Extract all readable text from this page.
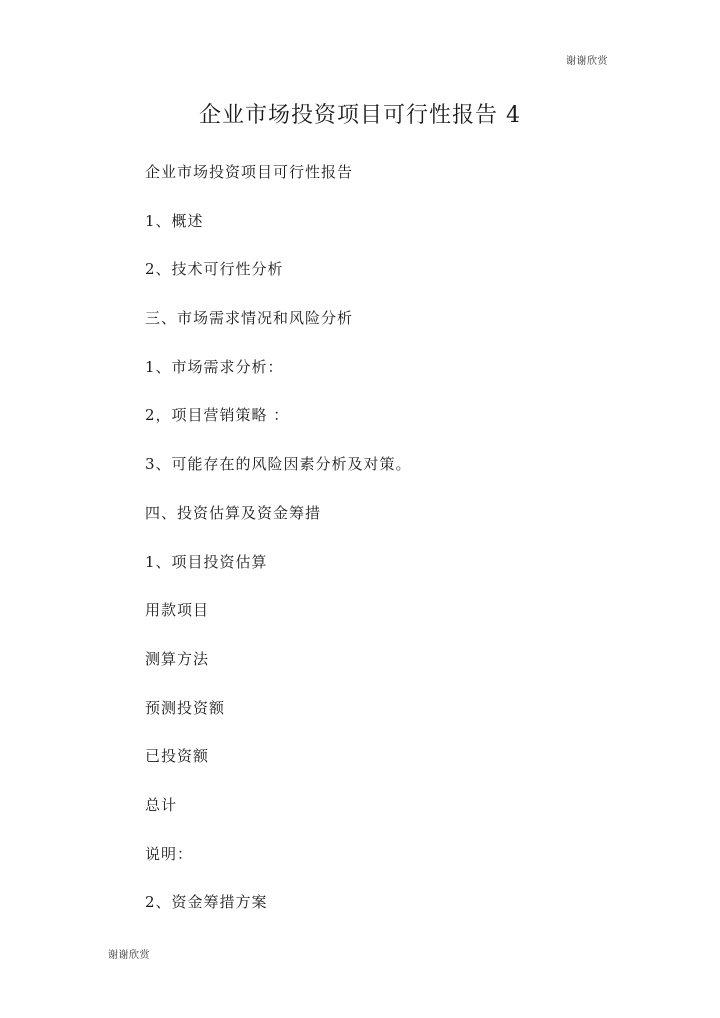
谢谢欣赏
企业市场投资项目可行性报告 4
企业市场投资项目可行性报告
1、概述
2、技术可行性分析
三、市场需求情况和风险分析
1、市场需求分析：
2，项目营销策略 ：
3、可能存在的风险因素分析及对策。
四、投资估算及资金筹措
1、项目投资估算
用款项目
测算方法
预测投资额
已投资额
总计
说明：
2、资金筹措方案
谢谢欣赏
